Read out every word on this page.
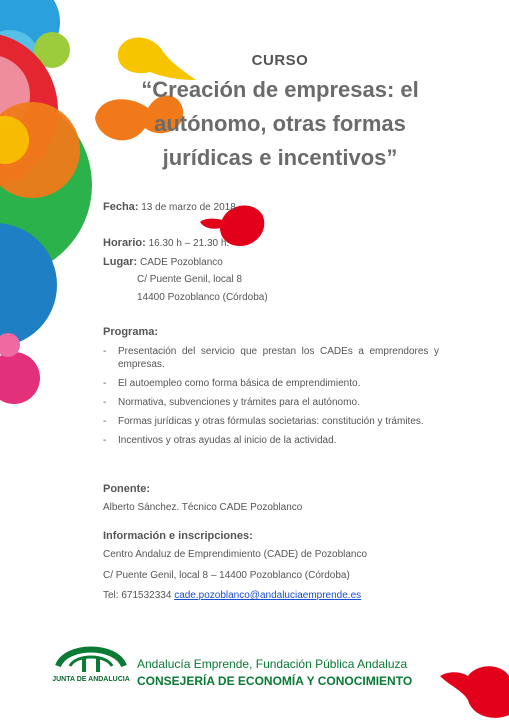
CURSO
“Creación de empresas: el
autónomo, otras formas
jurídicas e incentivos”
Fecha: 13 de marzo de 2018
Horario: 16.30 h – 21.30 h.
Lugar: CADE Pozoblanco
C/ Puente Genil, local 8
14400 Pozoblanco (Córdoba)
Programa:
- Presentación del servicio que prestan los CADEs a emprendores y empresas.
- El autoempleo como forma básica de emprendimiento.
- Normativa, subvenciones y trámites para el autónomo.
- Formas jurídicas y otras fórmulas societarias: constitución y trámites.
- Incentivos y otras ayudas al inicio de la actividad.
Ponente:
Alberto Sánchez. Técnico CADE Pozoblanco
Información e inscripciones:
Centro Andaluz de Emprendimiento (CADE) de Pozoblanco
C/ Puente Genil, local 8 – 14400 Pozoblanco (Córdoba)
Tel: 671532334 cade.pozoblanco@andaluciaemprende.es
JUNTA DE ANDALUCIA
Andalucía Emprende, Fundación Pública Andaluza
CONSEJERÍA DE ECONOMÍA Y CONOCIMIENTO
